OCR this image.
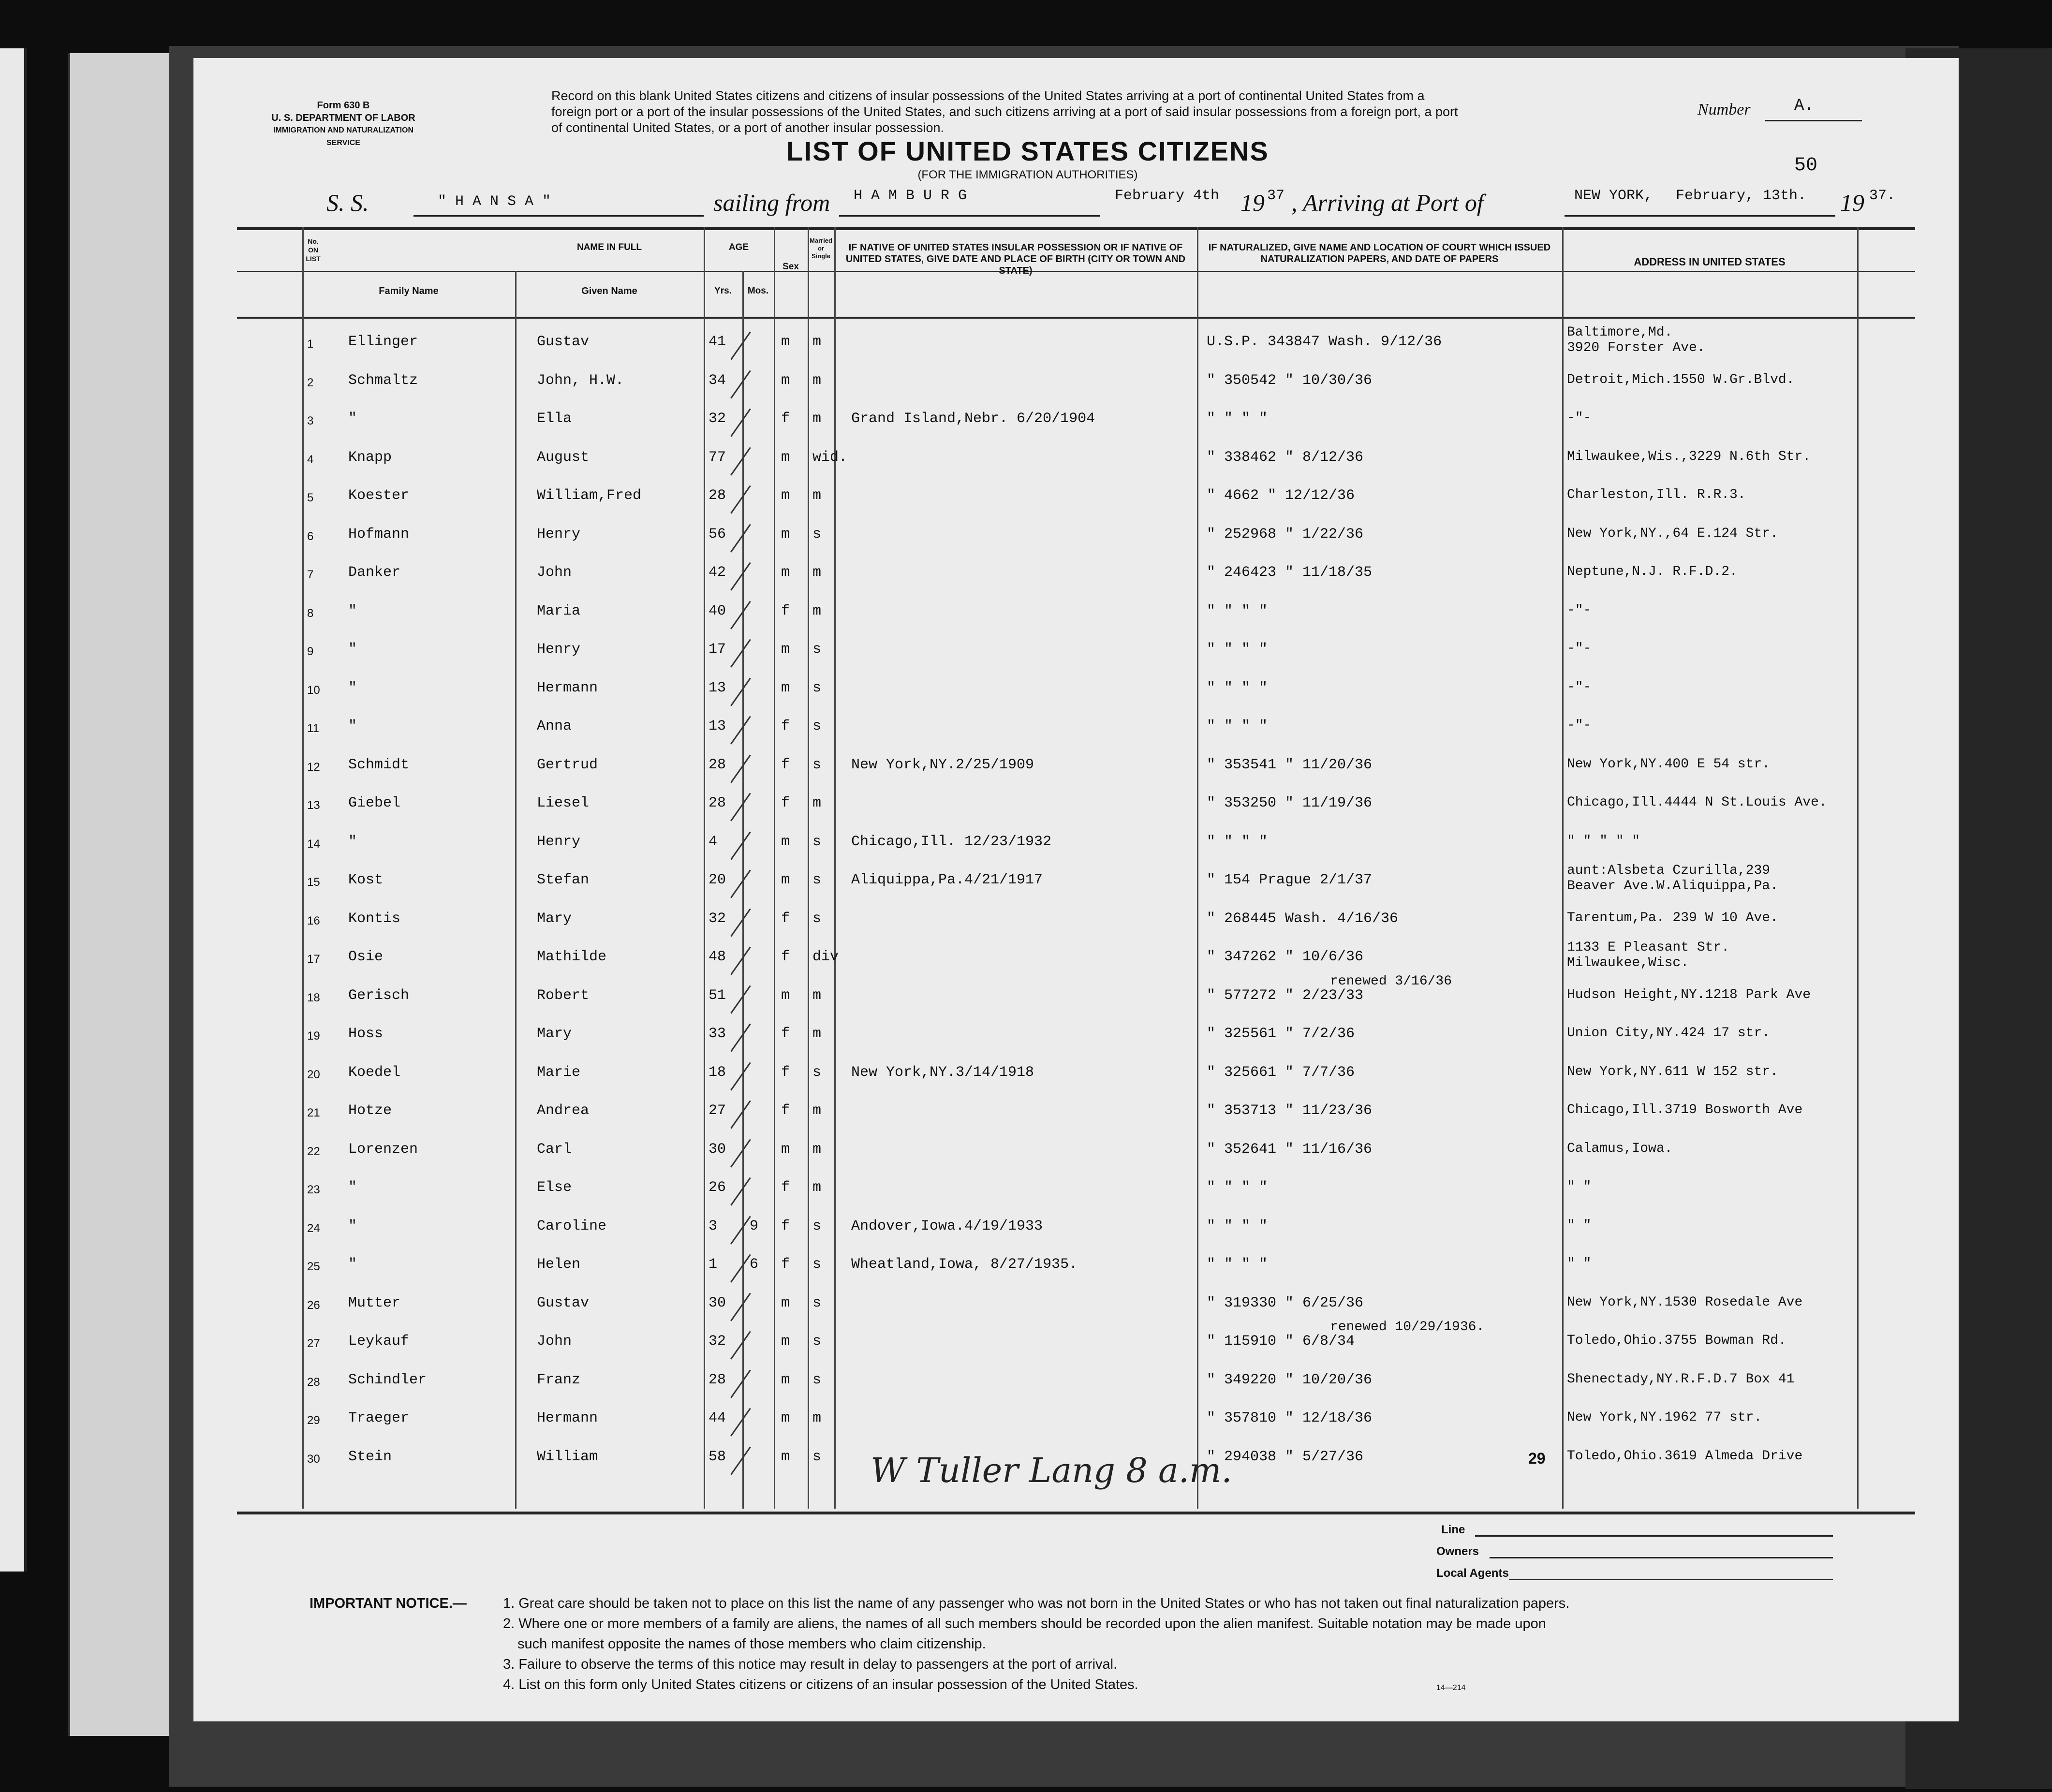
Form 630 B
U. S. DEPARTMENT OF LABOR
IMMIGRATION AND NATURALIZATION SERVICE
Record on this blank United States citizens and citizens of insular possessions of the United States arriving at a port of continental United States from a
foreign port or a port of the insular possessions of the United States, and such citizens arriving at a port of said insular possessions from a foreign port, a port
of continental United States, or a port of another insular possession.
Number	A.
LIST OF UNITED STATES CITIZENS
(FOR THE IMMIGRATION AUTHORITIES)	50
S. S.	" H A N S A "	sailing from H A M B U R G	February 4th 19 37 , Arriving at Port of	NEW YORK, February, 13th. 19 37.
No. ON LIST
NAME IN FULL
Family Name	Given Name
AGE
Yrs.	Mos.
Sex
Married or Single
IF NATIVE OF UNITED STATES INSULAR POSSESSION OR IF NATIVE OF UNITED STATES, GIVE DATE AND PLACE OF BIRTH (CITY OR TOWN AND STATE)
IF NATURALIZED, GIVE NAME AND LOCATION OF COURT WHICH ISSUED NATURALIZATION PAPERS, AND DATE OF PAPERS	ADDRESS IN UNITED STATES
1 Ellinger	Gustav	41	m m	U.S.P. 343847 Wash. 9/12/36
Baltimore,Md.
3920 Forster Ave.
2 Schmaltz	John, H.W.	34	m m	" 350542 " 10/30/36	Detroit,Mich.1550 W.Gr.Blvd.
3 "	Ella	32	f m Grand Island,Nebr. 6/20/1904	" " " "	-"-
4 Knapp	August	77	m wid.	" 338462 " 8/12/36	Milwaukee,Wis.,3229 N.6th Str.
5 Koester	William,Fred	28	m m	" 4662 " 12/12/36	Charleston,Ill. R.R.3.
6 Hofmann	Henry	56	m s	" 252968 " 1/22/36	New York,NY.,64 E.124 Str.
7 Danker	John	42	m m	" 246423 " 11/18/35	Neptune,N.J. R.F.D.2.
8 "	Maria	40	f m	" " " "	-"-
9 "	Henry	17	m s	" " " "	-"-
10 "	Hermann	13	m s	" " " "	-"-
11 "	Anna	13	f s	" " " "	-"-
12 Schmidt	Gertrud	28	f s New York,NY.2/25/1909	" 353541 " 11/20/36	New York,NY.400 E 54 str.
13 Giebel	Liesel	28	f m	" 353250 " 11/19/36	Chicago,Ill.4444 N St.Louis Ave.
14 "	Henry	4	m s Chicago,Ill. 12/23/1932	" " " "	" " " " "
15 Kost	Stefan	20	m s Aliquippa,Pa.4/21/1917	" 154 Prague 2/1/37
aunt:Alsbeta Czurilla,239
Beaver Ave.W.Aliquippa,Pa.
16 Kontis	Mary	32	f s	" 268445 Wash. 4/16/36	Tarentum,Pa. 239 W 10 Ave.
17 Osie	Mathilde	48	f div	" 347262 " 10/6/36
1133 E Pleasant Str.
Milwaukee,Wisc.
18 Gerisch	Robert	51	m m	" 577272 " 2/23/33	Hudson Height,NY.1218 Park Ave
renewed 3/16/36
19 Hoss	Mary	33	f m	" 325561 " 7/2/36	Union City,NY.424 17 str.
20 Koedel	Marie	18	f s New York,NY.3/14/1918	" 325661 " 7/7/36	New York,NY.611 W 152 str.
21 Hotze	Andrea	27	f m	" 353713 " 11/23/36	Chicago,Ill.3719 Bosworth Ave
22 Lorenzen	Carl	30	m m	" 352641 " 11/16/36	Calamus,Iowa.
23 "	Else	26	f m	" " " "	" "
24 "	Caroline	3 9 f s Andover,Iowa.4/19/1933	" " " "	" "
25 "	Helen	1 6 f s Wheatland,Iowa, 8/27/1935.	" " " "	" "
26 Mutter	Gustav	30	m s	" 319330 " 6/25/36	New York,NY.1530 Rosedale Ave
27 Leykauf	John	32	m s	" 115910 " 6/8/34	Toledo,Ohio.3755 Bowman Rd.
renewed 10/29/1936.
28 Schindler	Franz	28	m s	" 349220 " 10/20/36	Shenectady,NY.R.F.D.7 Box 41
29 Traeger	Hermann	44	m m	" 357810 " 12/18/36	New York,NY.1962 77 str.
30 Stein	William	58	m s	" 294038 " 5/27/36	Toledo,Ohio.3619 Almeda Drive
W Tuller Lang 8 a.m.	29
Line
Owners
Local Agents
IMPORTANT NOTICE.—	1. Great care should be taken not to place on this list the name of any passenger who was not born in the United States or who has not taken out final naturalization papers.
2. Where one or more members of a family are aliens, the names of all such members should be recorded upon the alien manifest. Suitable notation may be made upon
such manifest opposite the names of those members who claim citizenship.
3. Failure to observe the terms of this notice may result in delay to passengers at the port of arrival.
4. List on this form only United States citizens or citizens of an insular possession of the United States.	14—214
